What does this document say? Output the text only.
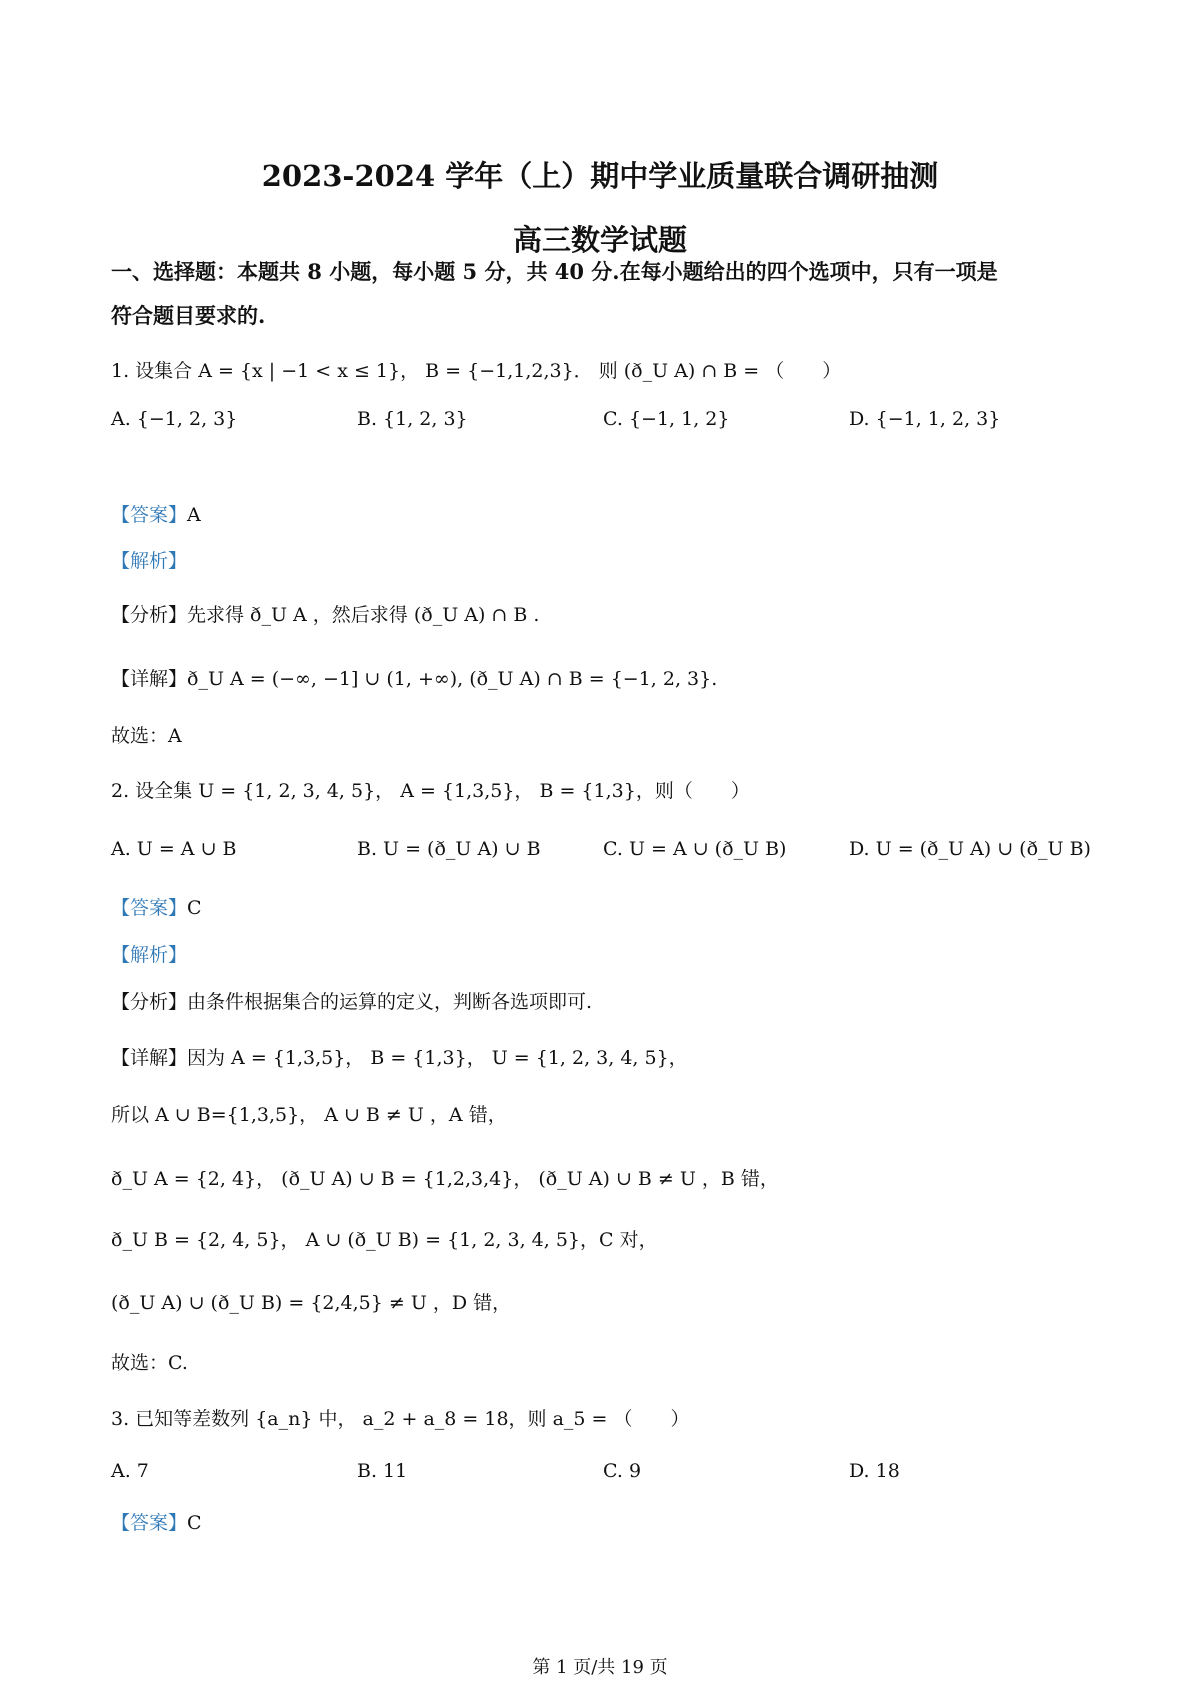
2023-2024 学年（上）期中学业质量联合调研抽测
高三数学试题
一、选择题：本题共 8 小题，每小题 5 分，共 40 分.在每小题给出的四个选项中，只有一项是
符合题目要求的.
1. 设集合 A = {x | −1 < x ≤ 1}， B = {−1,1,2,3}． 则 (ð_U A) ∩ B = （　　）
A. {−1, 2, 3}	B. {1, 2, 3}	C. {−1, 1, 2}	D. {−1, 1, 2, 3}
【答案】A
【解析】
【分析】先求得 ð_U A ，然后求得 (ð_U A) ∩ B .
【详解】ð_U A = (−∞, −1] ∪ (1, +∞), (ð_U A) ∩ B = {−1, 2, 3}.
故选：A
2. 设全集 U = {1, 2, 3, 4, 5}， A = {1,3,5}， B = {1,3}，则（　　）
A. U = A ∪ B	B. U = (ð_U A) ∪ B	C. U = A ∪ (ð_U B)	D. U = (ð_U A) ∪ (ð_U B)
【答案】C
【解析】
【分析】由条件根据集合的运算的定义，判断各选项即可.
【详解】因为 A = {1,3,5}， B = {1,3}， U = {1, 2, 3, 4, 5}，
所以 A ∪ B={1,3,5}， A ∪ B ≠ U ，A 错，
ð_U A = {2, 4}， (ð_U A) ∪ B = {1,2,3,4}， (ð_U A) ∪ B ≠ U ，B 错，
ð_U B = {2, 4, 5}， A ∪ (ð_U B) = {1, 2, 3, 4, 5}，C 对，
(ð_U A) ∪ (ð_U B) = {2,4,5} ≠ U ，D 错，
故选：C.
3. 已知等差数列 {a_n} 中， a_2 + a_8 = 18，则 a_5 = （　　）
A. 7	B. 11	C. 9	D. 18
【答案】C
第 1 页/共 19 页
